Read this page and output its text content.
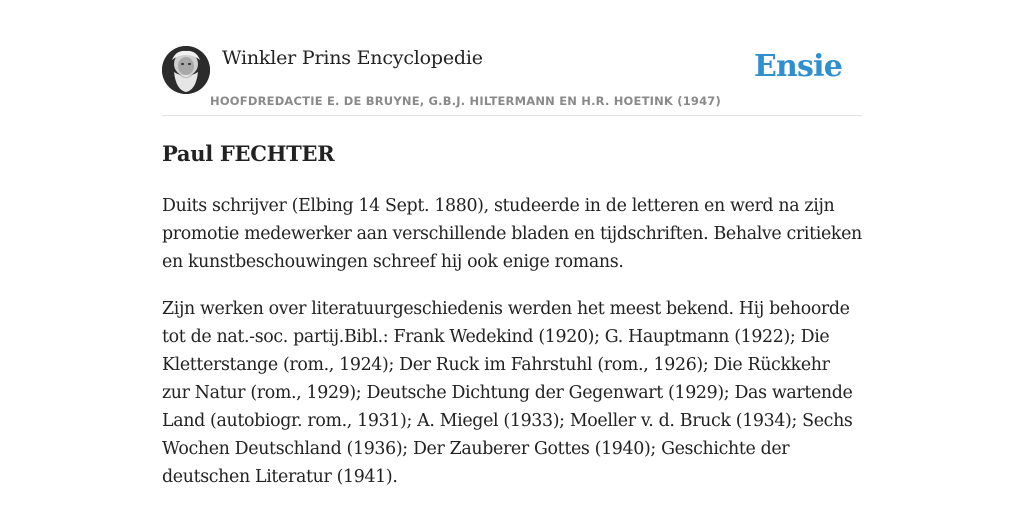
Winkler Prins Encyclopedie
HOOFDREDACTIE E. DE BRUYNE, G.B.J. HILTERMANN EN H.R. HOETINK (1947)
Ensie
Paul FECHTER

Duits schrijver (Elbing 14 Sept. 1880), studeerde in de letteren en werd na zijn promotie medewerker aan verschillende bladen en tijdschriften. Behalve critieken en kunstbeschouwingen schreef hij ook enige romans.

Zijn werken over literatuurgeschiedenis werden het meest bekend. Hij behoorde tot de nat.-soc. partij.Bibl.: Frank Wedekind (1920); G. Hauptmann (1922); Die Kletterstange (rom., 1924); Der Ruck im Fahrstuhl (rom., 1926); Die Rückkehr zur Natur (rom., 1929); Deutsche Dichtung der Gegenwart (1929); Das wartende Land (autobiogr. rom., 1931); A. Miegel (1933); Moeller v. d. Bruck (1934); Sechs Wochen Deutschland (1936); Der Zauberer Gottes (1940); Geschichte der deutschen Literatur (1941).
